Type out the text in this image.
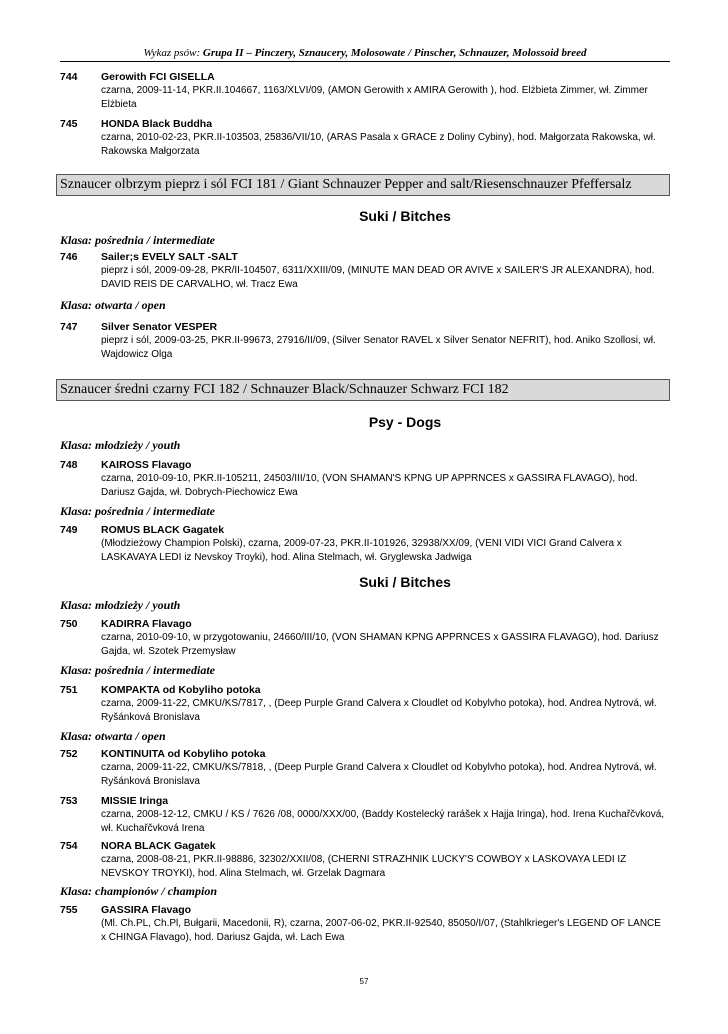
Wykaz psów: Grupa II – Pinczery, Sznaucery, Molosowate / Pinscher, Schnauzer, Molossoid breed
744 Gerowith FCI GISELLA
czarna, 2009-11-14, PKR.II.104667, 1163/XLVI/09, (AMON Gerowith x AMIRA Gerowith ), hod. Elżbieta Zimmer, wł. Zimmer Elżbieta
745 HONDA Black Buddha
czarna, 2010-02-23, PKR.II-103503, 25836/VII/10, (ARAS Pasala x GRACE z Doliny Cybiny), hod. Małgorzata Rakowska, wł. Rakowska Małgorzata
Sznaucer olbrzym pieprz i sól FCI 181 / Giant Schnauzer Pepper and salt/Riesenschnauzer Pfeffersalz
Suki / Bitches
Klasa: pośrednia / intermediate
746 Sailer;s EVELY SALT -SALT
pieprz i sól, 2009-09-28, PKR/II-104507, 6311/XXIII/09, (MINUTE MAN DEAD OR AVIVE x SAILER'S JR ALEXANDRA), hod. DAVID REIS DE CARVALHO, wł. Tracz Ewa
Klasa: otwarta / open
747 Silver Senator VESPER
pieprz i sól, 2009-03-25, PKR.II-99673, 27916/II/09, (Silver Senator RAVEL x Silver Senator NEFRIT), hod. Aniko Szollosi, wł. Wajdowicz Olga
Sznaucer średni czarny FCI 182 / Schnauzer Black/Schnauzer Schwarz FCI 182
Psy - Dogs
Klasa: młodzieży / youth
748 KAIROSS Flavago
czarna, 2010-09-10, PKR.II-105211, 24503/III/10, (VON SHAMAN'S KPNG UP APPRNCES x GASSIRA FLAVAGO), hod. Dariusz Gajda, wł. Dobrych-Piechowicz Ewa
Klasa: pośrednia / intermediate
749 ROMUS BLACK Gagatek
(Młodzieżowy Champion Polski), czarna, 2009-07-23, PKR.II-101926, 32938/XX/09, (VENI VIDI VICI Grand Calvera x LASKAVAYA LEDI iz Nevskoy Troyki), hod. Alina Stelmach, wł. Gryglewska Jadwiga
Suki / Bitches
Klasa: młodzieży / youth
750 KADIRRA Flavago
czarna, 2010-09-10, w przygotowaniu, 24660/III/10, (VON SHAMAN KPNG APPRNCES x GASSIRA FLAVAGO), hod. Dariusz Gajda, wł. Szotek Przemysław
Klasa: pośrednia / intermediate
751 KOMPAKTA od Kobyliho potoka
czarna, 2009-11-22, CMKU/KS/7817, , (Deep Purple Grand Calvera x Cloudlet od Kobylvho potoka), hod. Andrea Nytrová, wł. Ryšánková Bronislava
Klasa: otwarta / open
752 KONTINUITA od Kobyliho potoka
czarna, 2009-11-22, CMKU/KS/7818, , (Deep Purple Grand Calvera x Cloudlet od Kobylvho potoka), hod. Andrea Nytrová, wł. Ryšánková Bronislava
753 MISSIE Iringa
czarna, 2008-12-12, CMKU / KS / 7626 /08, 0000/XXX/00, (Baddy Kostelecký rarášek x Hajja Iringa), hod. Irena Kuchařčvková, wł. Kuchařčvková Irena
754 NORA BLACK Gagatek
czarna, 2008-08-21, PKR.II-98886, 32302/XXII/08, (CHERNI STRAZHNIK LUCKY'S COWBOY x LASKOVAYA LEDI IZ NEVSKOY TROYKI), hod. Alina Stelmach, wł. Grzelak Dagmara
Klasa: championów / champion
755 GASSIRA Flavago
(Ml. Ch.PL, Ch.Pl, Bułgarii, Macedonii, R), czarna, 2007-06-02, PKR.II-92540, 85050/I/07, (Stahlkrieger's LEGEND OF LANCE x CHINGA Flavago), hod. Dariusz Gajda, wł. Lach Ewa
57
